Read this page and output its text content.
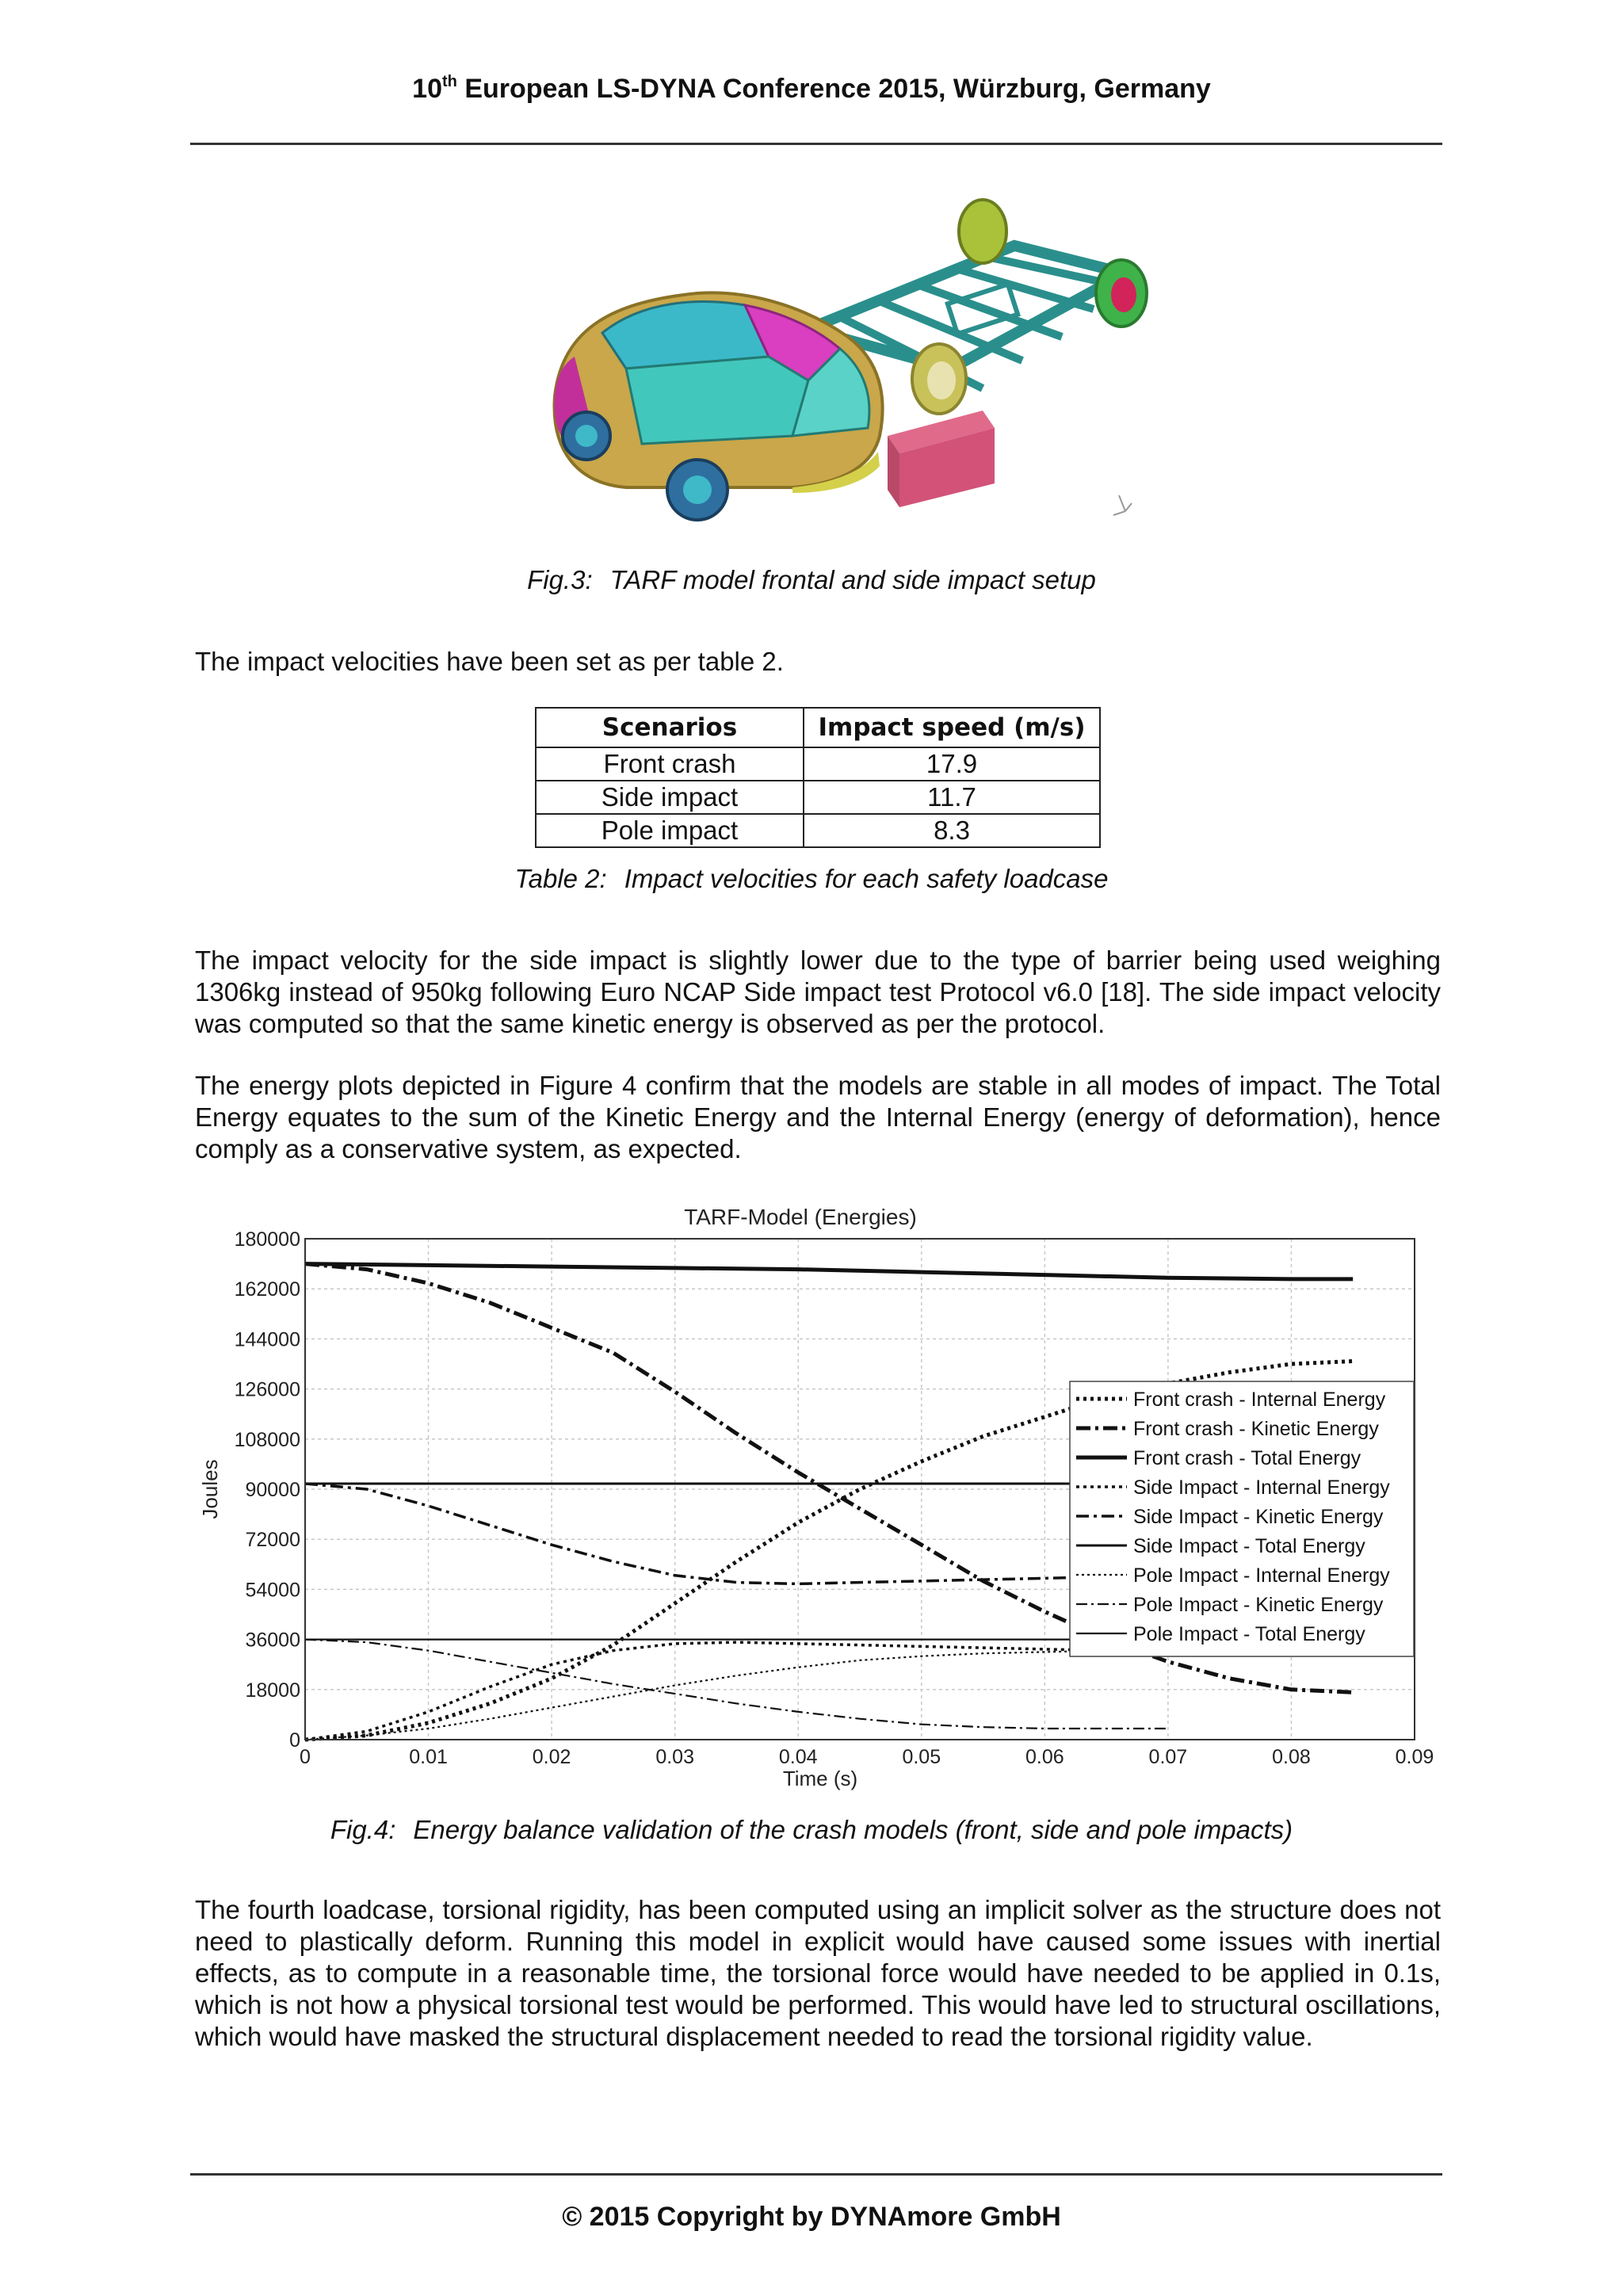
10th European LS-DYNA Conference 2015, Würzburg, Germany
Fig.3: TARF model frontal and side impact setup

The impact velocities have been set as per table 2.

Scenarios	Impact speed (m/s)
Front crash	17.9
Side impact	11.7
Pole impact	8.3
Table 2: Impact velocities for each safety loadcase

The impact velocity for the side impact is slightly lower due to the type of barrier being used weighing 1306kg instead of 950kg following Euro NCAP Side impact test Protocol v6.0 [18]. The side impact velocity was computed so that the same kinetic energy is observed as per the protocol.

The energy plots depicted in Figure 4 confirm that the models are stable in all modes of impact. The Total Energy equates to the sum of the Kinetic Energy and the Internal Energy (energy of deformation), hence comply as a conservative system, as expected.

0	0.01	0.02	0.03	0.04	0.05	0.06	0.07	0.08	0.09
0
18000
36000
54000
72000
90000
108000
126000
144000
162000
180000
TARF-Model (Energies)
Time (s)
Joules
Front crash - Internal Energy
Front crash - Kinetic Energy
Front crash - Total Energy
Side Impact - Internal Energy
Side Impact - Kinetic Energy
Side Impact - Total Energy
Pole Impact - Internal Energy
Pole Impact - Kinetic Energy
Pole Impact - Total Energy
Fig.4: Energy balance validation of the crash models (front, side and pole impacts)

The fourth loadcase, torsional rigidity, has been computed using an implicit solver as the structure does not need to plastically deform. Running this model in explicit would have caused some issues with inertial effects, as to compute in a reasonable time, the torsional force would have needed to be applied in 0.1s, which is not how a physical torsional test would be performed. This would have led to structural oscillations, which would have masked the structural displacement needed to read the torsional rigidity value.

© 2015 Copyright by DYNAmore GmbH
